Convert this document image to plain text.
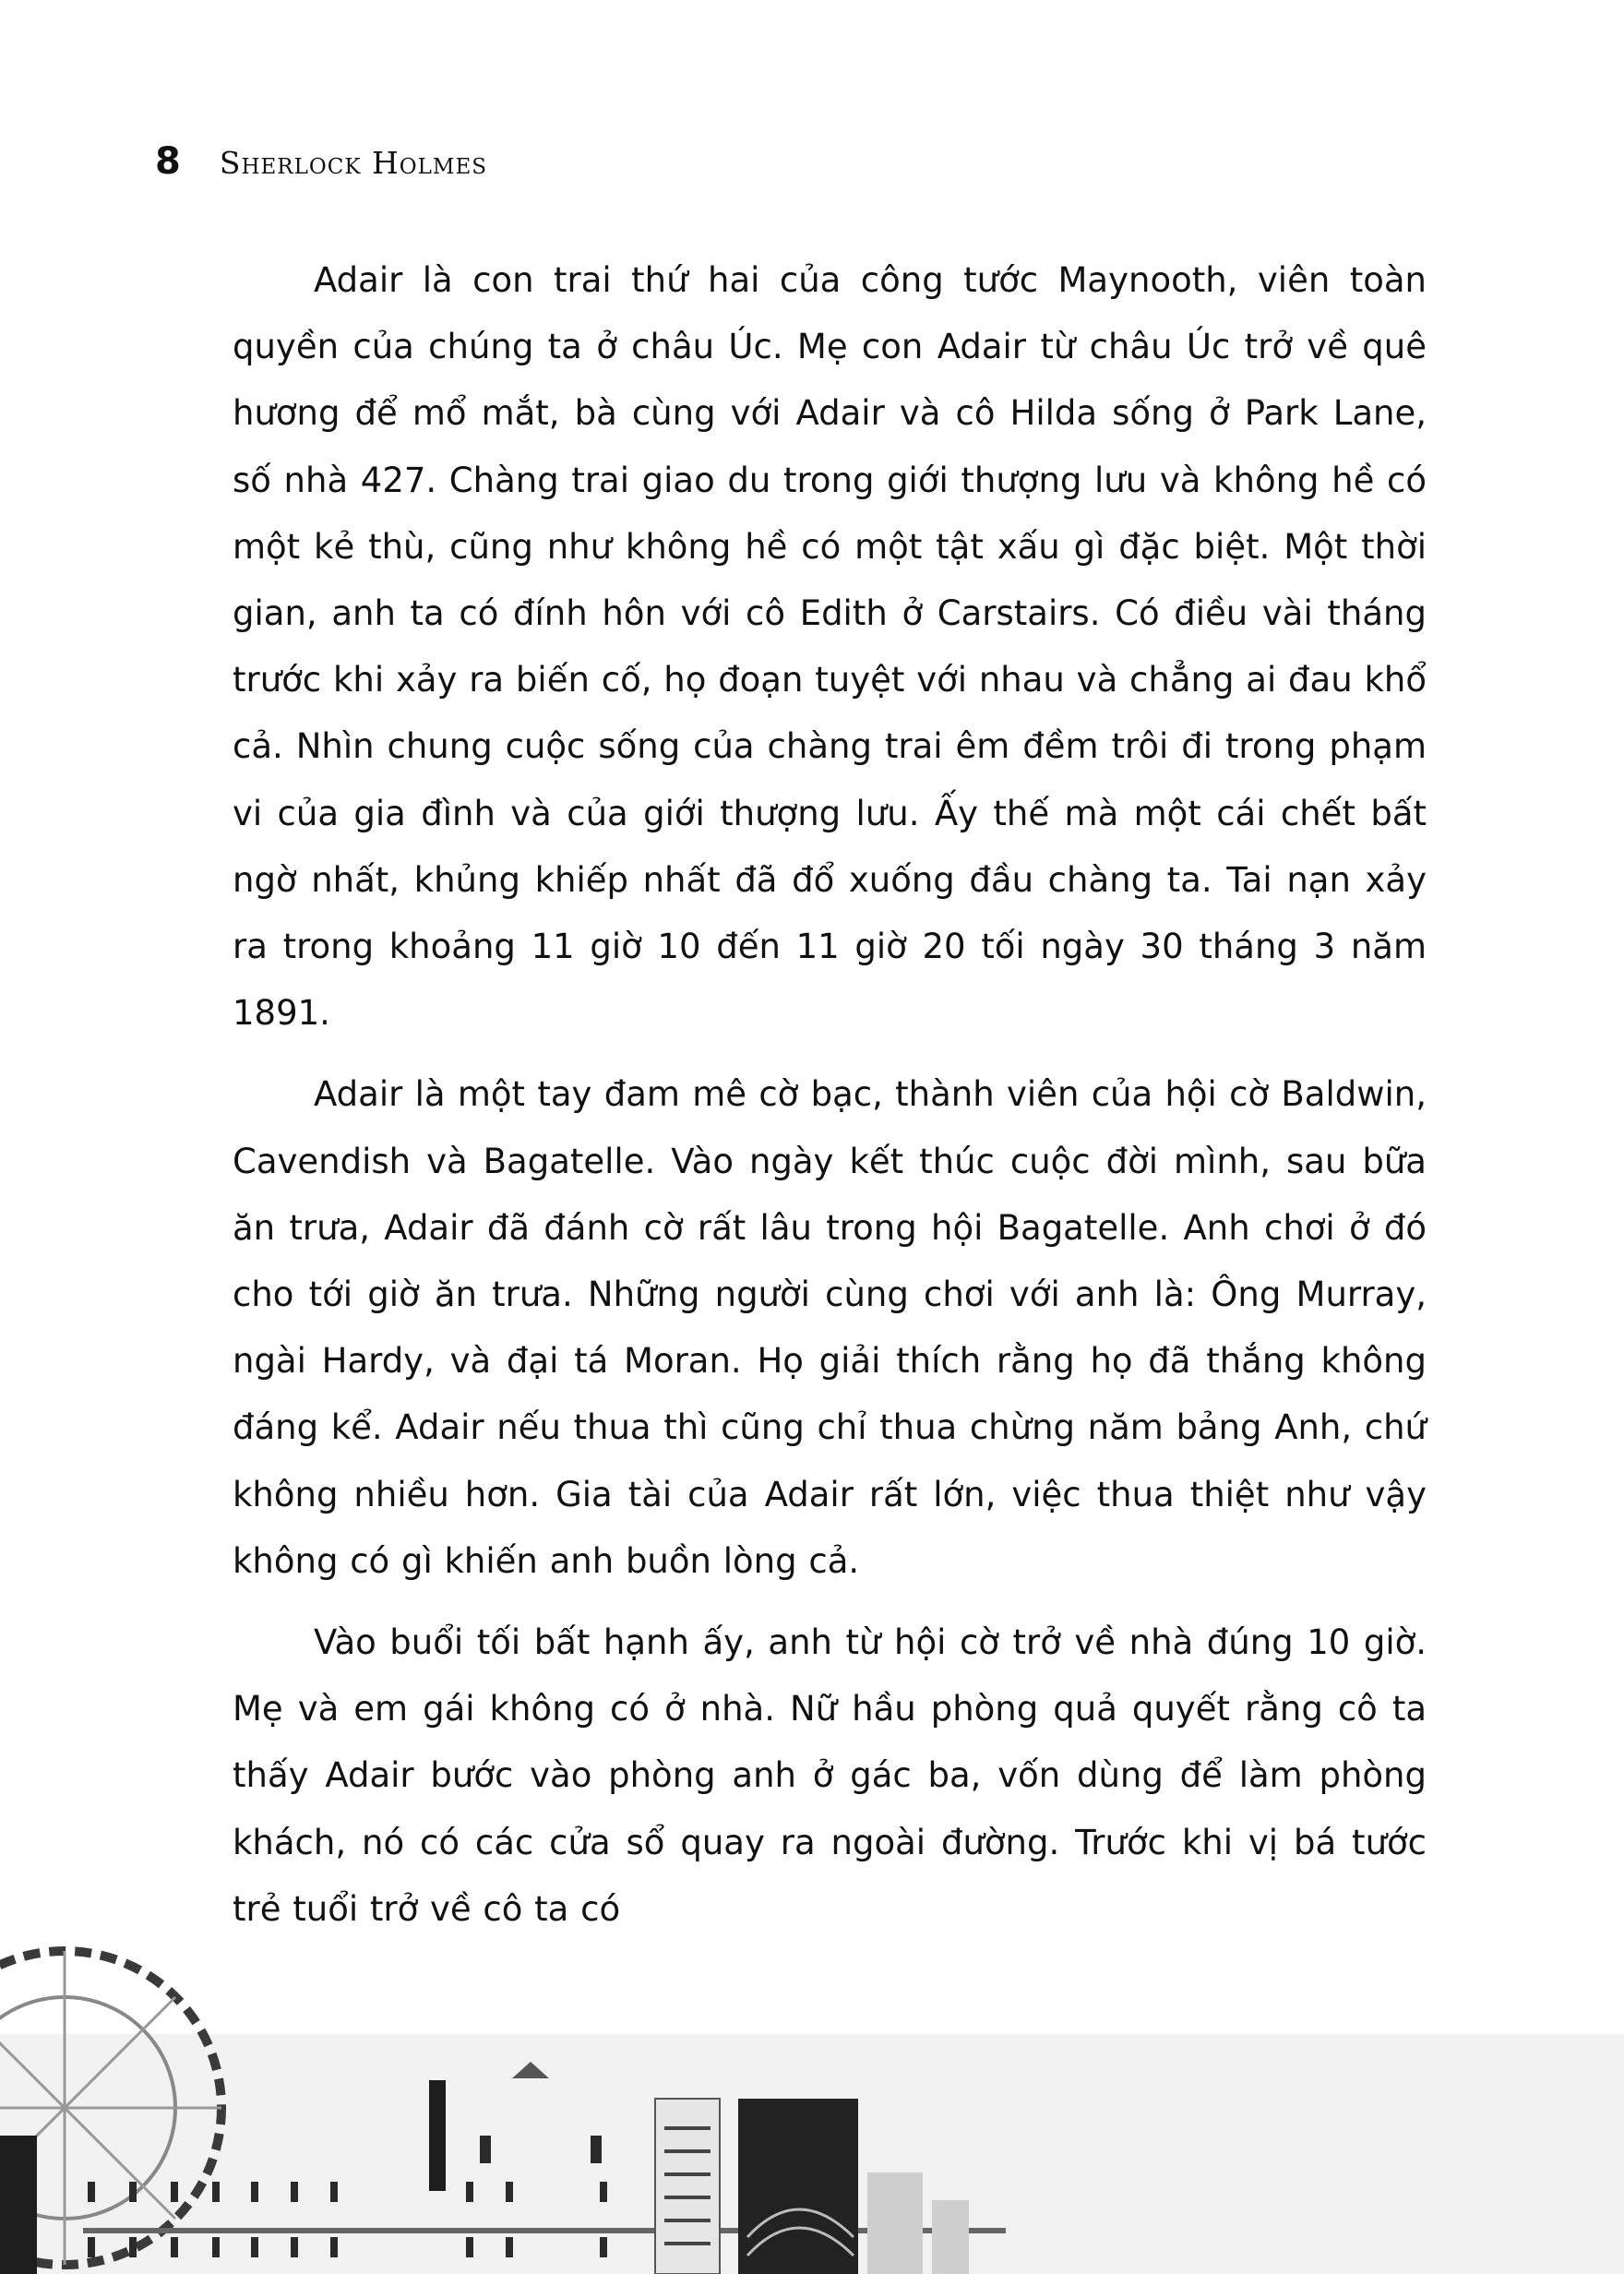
8 Sherlock Holmes

Adair là con trai thứ hai của công tước Maynooth, viên toàn quyền của chúng ta ở châu Úc. Mẹ con Adair từ châu Úc trở về quê hương để mổ mắt, bà cùng với Adair và cô Hilda sống ở Park Lane, số nhà 427. Chàng trai giao du trong giới thượng lưu và không hề có một kẻ thù, cũng như không hề có một tật xấu gì đặc biệt. Một thời gian, anh ta có đính hôn với cô Edith ở Carstairs. Có điều vài tháng trước khi xảy ra biến cố, họ đoạn tuyệt với nhau và chẳng ai đau khổ cả. Nhìn chung cuộc sống của chàng trai êm đềm trôi đi trong phạm vi của gia đình và của giới thượng lưu. Ấy thế mà một cái chết bất ngờ nhất, khủng khiếp nhất đã đổ xuống đầu chàng ta. Tai nạn xảy ra trong khoảng 11 giờ 10 đến 11 giờ 20 tối ngày 30 tháng 3 năm 1891.

Adair là một tay đam mê cờ bạc, thành viên của hội cờ Baldwin, Cavendish và Bagatelle. Vào ngày kết thúc cuộc đời mình, sau bữa ăn trưa, Adair đã đánh cờ rất lâu trong hội Bagatelle. Anh chơi ở đó cho tới giờ ăn trưa. Những người cùng chơi với anh là: Ông Murray, ngài Hardy, và đại tá Moran. Họ giải thích rằng họ đã thắng không đáng kể. Adair nếu thua thì cũng chỉ thua chừng năm bảng Anh, chứ không nhiều hơn. Gia tài của Adair rất lớn, việc thua thiệt như vậy không có gì khiến anh buồn lòng cả.

Vào buổi tối bất hạnh ấy, anh từ hội cờ trở về nhà đúng 10 giờ. Mẹ và em gái không có ở nhà. Nữ hầu phòng quả quyết rằng cô ta thấy Adair bước vào phòng anh ở gác ba, vốn dùng để làm phòng khách, nó có các cửa sổ quay ra ngoài đường. Trước khi vị bá tước trẻ tuổi trở về cô ta có
